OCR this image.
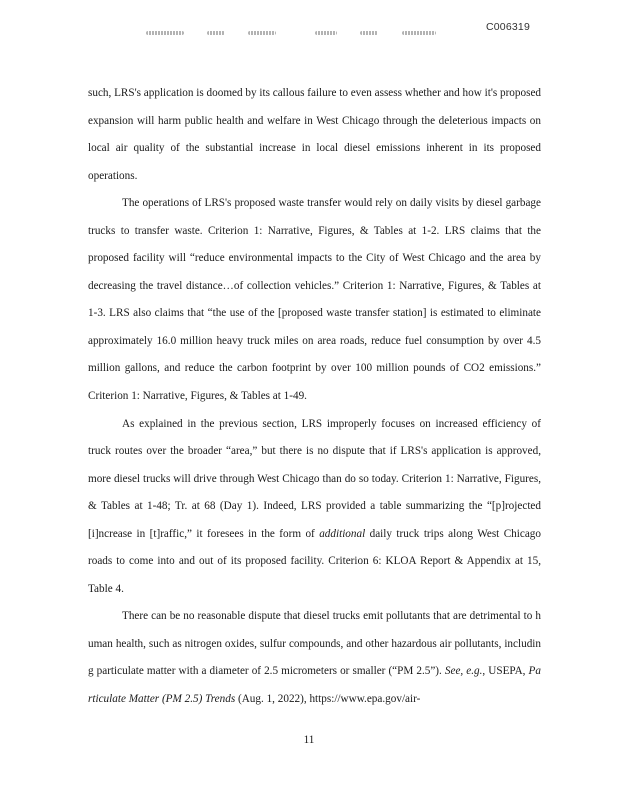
C006319

such, LRS's application is doomed by its callous failure to even assess whether and how it's proposed expansion will harm public health and welfare in West Chicago through the deleterious impacts on local air quality of the substantial increase in local diesel emissions inherent in its proposed operations.

The operations of LRS's proposed waste transfer would rely on daily visits by diesel garbage trucks to transfer waste. Criterion 1: Narrative, Figures, & Tables at 1-2. LRS claims that the proposed facility will “reduce environmental impacts to the City of West Chicago and the area by decreasing the travel distance…of collection vehicles.” Criterion 1: Narrative, Figures, & Tables at 1-3. LRS also claims that “the use of the [proposed waste transfer station] is estimated to eliminate approximately 16.0 million heavy truck miles on area roads, reduce fuel consumption by over 4.5 million gallons, and reduce the carbon footprint by over 100 million pounds of CO2 emissions.” Criterion 1: Narrative, Figures, & Tables at 1-49.

As explained in the previous section, LRS improperly focuses on increased efficiency of truck routes over the broader “area,” but there is no dispute that if LRS's application is approved, more diesel trucks will drive through West Chicago than do so today. Criterion 1: Narrative, Figures, & Tables at 1-48; Tr. at 68 (Day 1). Indeed, LRS provided a table summarizing the “[p]rojected [i]ncrease in [t]raffic,” it foresees in the form of additional daily truck trips along West Chicago roads to come into and out of its proposed facility. Criterion 6: KLOA Report & Appendix at 15, Table 4.

There can be no reasonable dispute that diesel trucks emit pollutants that are detrimental to human health, such as nitrogen oxides, sulfur compounds, and other hazardous air pollutants, including particulate matter with a diameter of 2.5 micrometers or smaller (“PM 2.5”). See, e.g., USEPA, Particulate Matter (PM 2.5) Trends (Aug. 1, 2022), https://www.epa.gov/air-

11
